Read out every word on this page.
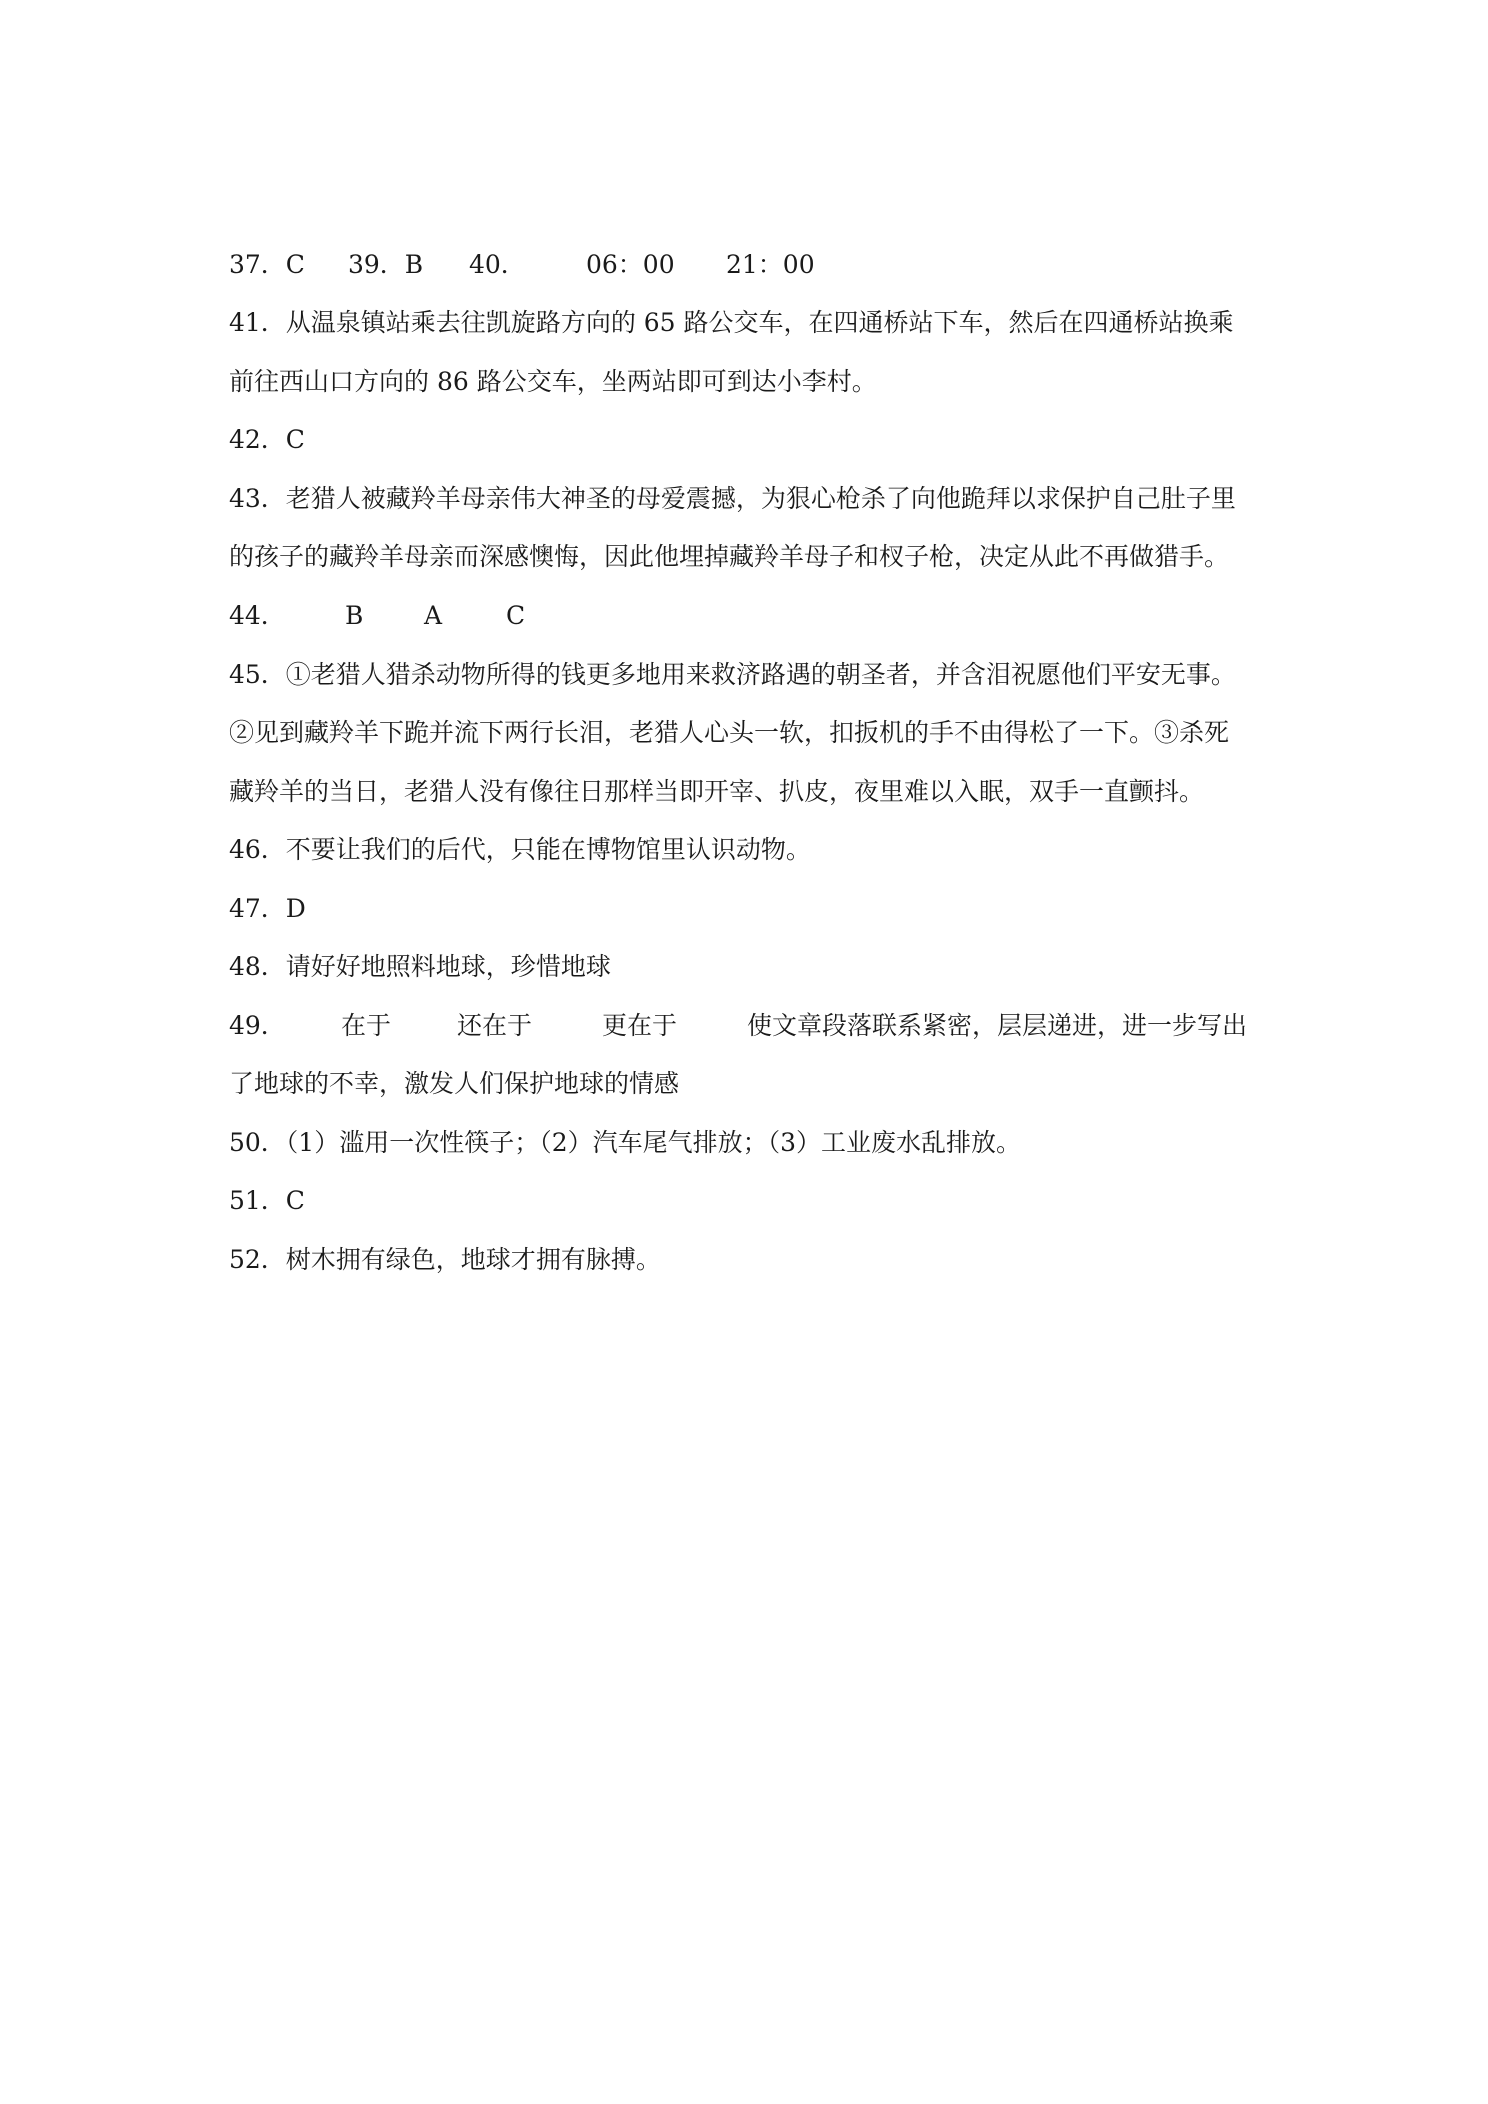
37．C 39．B 40． 06：00 21：00
41．从温泉镇站乘去往凯旋路方向的 65 路公交车，在四通桥站下车，然后在四通桥站换乘
前往西山口方向的 86 路公交车，坐两站即可到达小李村。
42．C
43．老猎人被藏羚羊母亲伟大神圣的母爱震撼，为狠心枪杀了向他跪拜以求保护自己肚子里
的孩子的藏羚羊母亲而深感懊悔，因此他埋掉藏羚羊母子和杈子枪，决定从此不再做猎手。
44． B A	C
45．①老猎人猎杀动物所得的钱更多地用来救济路遇的朝圣者，并含泪祝愿他们平安无事。
②见到藏羚羊下跪并流下两行长泪，老猎人心头一软，扣扳机的手不由得松了一下。③杀死
藏羚羊的当日，老猎人没有像往日那样当即开宰、扒皮，夜里难以入眠，双手一直颤抖。
46．不要让我们的后代，只能在博物馆里认识动物。
47．D
48．请好好地照料地球，珍惜地球
49． 在于	还在于	更在于	使文章段落联系紧密，层层递进，进一步写出
了地球的不幸，激发人们保护地球的情感
50．（1）滥用一次性筷子；（2）汽车尾气排放；（3）工业废水乱排放。
51．C
52．树木拥有绿色，地球才拥有脉搏。
